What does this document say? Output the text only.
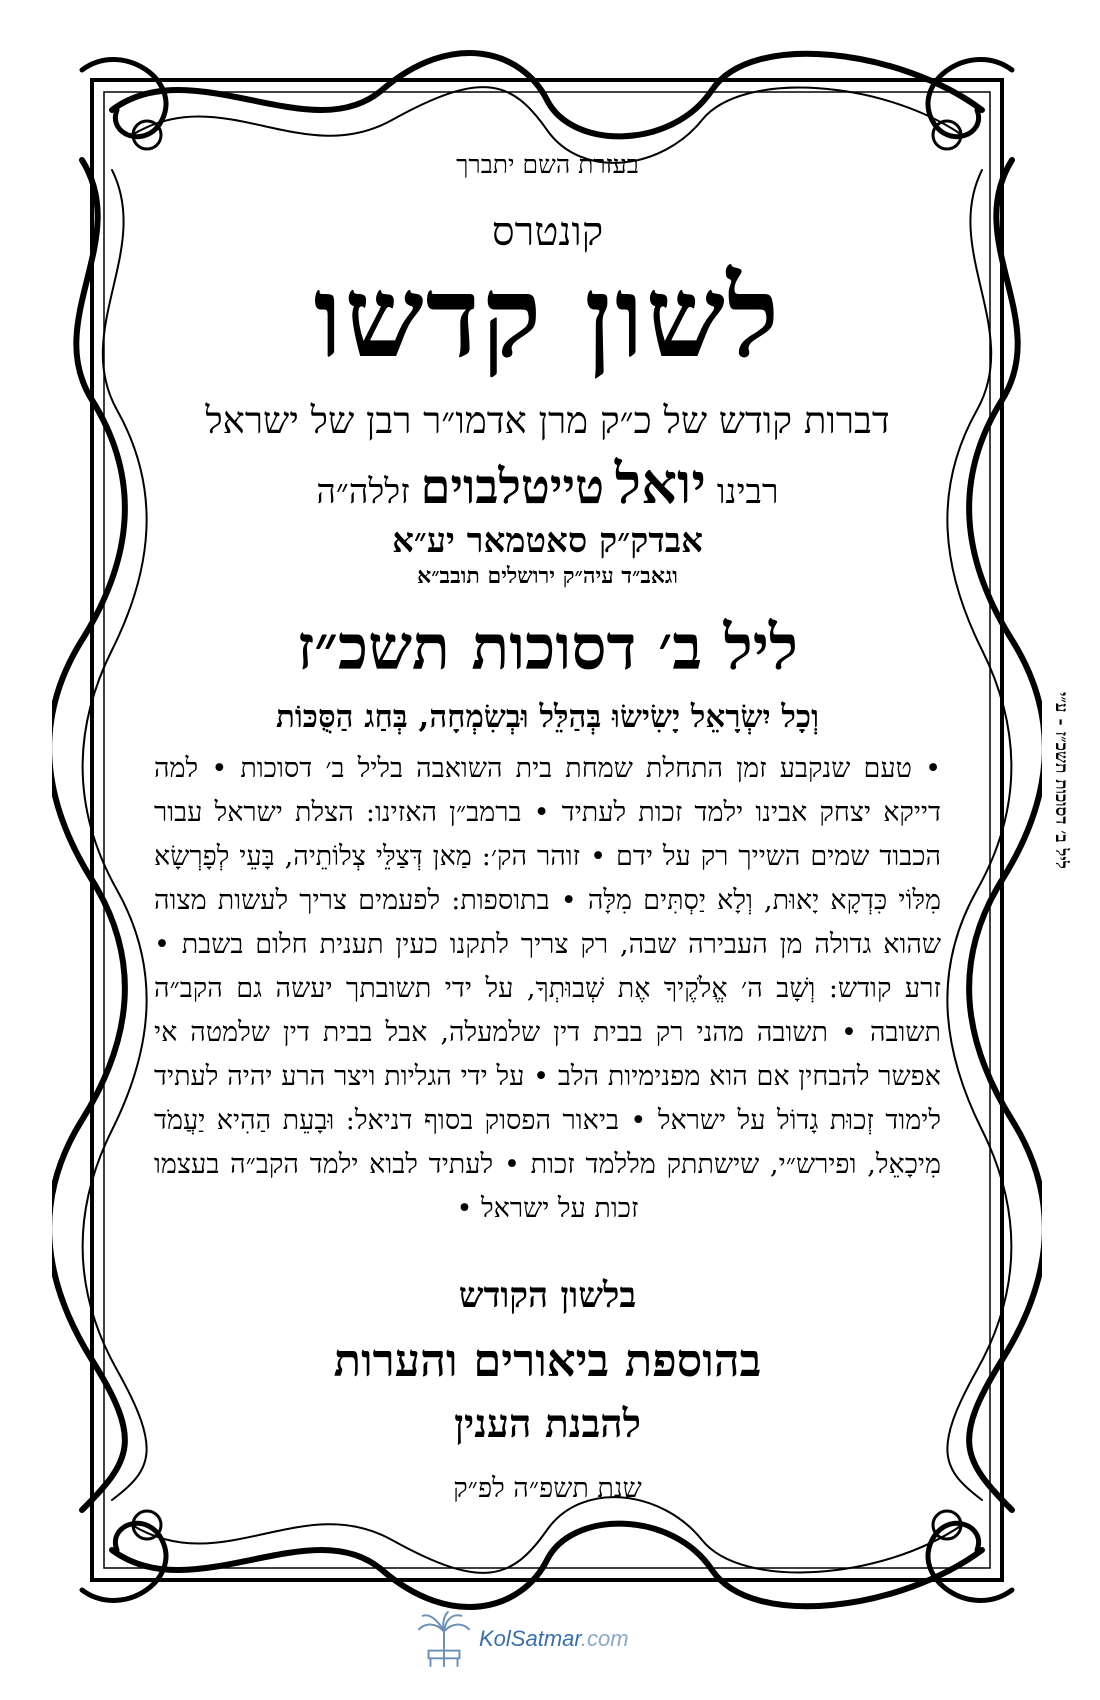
בעזרת השם יתברך
קונטרס
לשון קדשו
דברות קודש של כ״ק מרן אדמו״ר רבן של ישראל
רבינו יואל טייטלבוים זללה״ה
אבדק״ק סאטמאר יע״א
וגאב״ד עיה״ק ירושלים תובב״א
ליל ב׳ דסוכות תשכ״ז
וְכָל יִשְׂרָאֵל יָשִׂישׂוּ בְּהַלֵּל וּבְשִׂמְחָה, בְּחַג הַסֻּכּוֹת
• טעם שנקבע זמן התחלת שמחת בית השואבה בליל ב׳ דסוכות • למה דייקא יצחק אבינו ילמד זכות לעתיד • ברמב״ן האזינו: הצלת ישראל עבור הכבוד שמים השייך רק על ידם • זוהר הק׳: מַאן דְּצַלֵּי צְלוֹתֵיה, בָּעֵי לְפָרְשָׂא מִלּוֹי כִּדְקָא יָאוּת, וְלָא יַסְתִּים מִלָּה • בתוספות: לפעמים צריך לעשות מצוה שהוא גדולה מן העבירה שבה, רק צריך לתקנו כעין תענית חלום בשבת • זרע קודש: וְשָׁב ה׳ אֱלֹקֶיךָ אֶת שְׁבוּתְךָ, על ידי תשובתך יעשה גם הקב״ה תשובה • תשובה מהני רק בבית דין שלמעלה, אבל בבית דין שלמטה אי אפשר להבחין אם הוא מפנימיות הלב • על ידי הגליות ויצר הרע יהיה לעתיד לימוד זְכוּת גָדוֹל על ישראל • ביאור הפסוק בסוף דניאל: וּבָעֵת הַהִיא יַעֲמֹד מִיכָאֵל, ופירש״י, שישתתק מללמד זכות • לעתיד לבוא ילמד הקב״ה בעצמו זכות על ישראל •
בלשון הקודש
בהוספת ביאורים והערות
להבנת הענין
שנת תשפ״ה לפ״ק
ליל ב׳ דסוכות תשכ״ז - ע״י
KolSatmar.com
